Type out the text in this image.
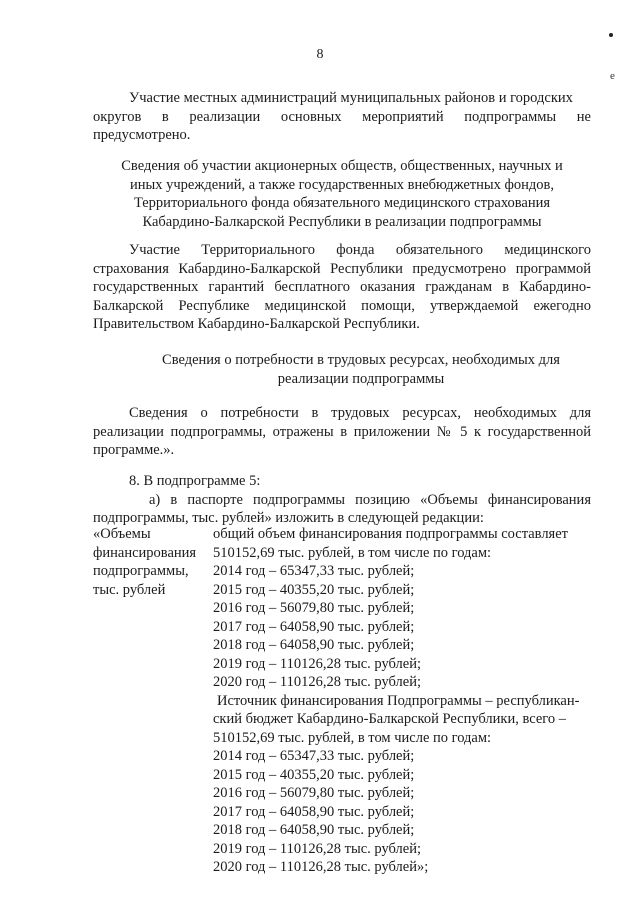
8
e
Участие местных администраций муниципальных районов и городских
округов в реализации основных мероприятий подпрограммы не
предусмотрено.
Сведения об участии акционерных обществ, общественных, научных и
иных учреждений, а также государственных внебюджетных фондов,
Территориального фонда обязательного медицинского страхования
Кабардино-Балкарской Республики в реализации подпрограммы
Участие Территориального фонда обязательного медицинского
страхования Кабардино-Балкарской Республики предусмотрено программой
государственных гарантий бесплатного оказания гражданам в Кабардино-
Балкарской Республике медицинской помощи, утверждаемой ежегодно
Правительством Кабардино-Балкарской Республики.
Сведения о потребности в трудовых ресурсах, необходимых для
реализации подпрограммы
Сведения о потребности в трудовых ресурсах, необходимых для
реализации подпрограммы, отражены в приложении № 5 к государственной
программе.».
8. В подпрограмме 5:
а) в паспорте подпрограммы позицию «Объемы финансирования
подпрограммы, тыс. рублей» изложить в следующей редакции:
«Объемы
финансирования
подпрограммы,
тыс. рублей
общий объем финансирования подпрограммы составляет
510152,69 тыс. рублей, в том числе по годам:
2014 год – 65347,33 тыс. рублей;
2015 год – 40355,20 тыс. рублей;
2016 год – 56079,80 тыс. рублей;
2017 год – 64058,90 тыс. рублей;
2018 год – 64058,90 тыс. рублей;
2019 год – 110126,28 тыс. рублей;
2020 год – 110126,28 тыс. рублей;
Источник финансирования Подпрограммы – республикан-
ский бюджет Кабардино-Балкарской Республики, всего –
510152,69 тыс. рублей, в том числе по годам:
2014 год – 65347,33 тыс. рублей;
2015 год – 40355,20 тыс. рублей;
2016 год – 56079,80 тыс. рублей;
2017 год – 64058,90 тыс. рублей;
2018 год – 64058,90 тыс. рублей;
2019 год – 110126,28 тыс. рублей;
2020 год – 110126,28 тыс. рублей»;
